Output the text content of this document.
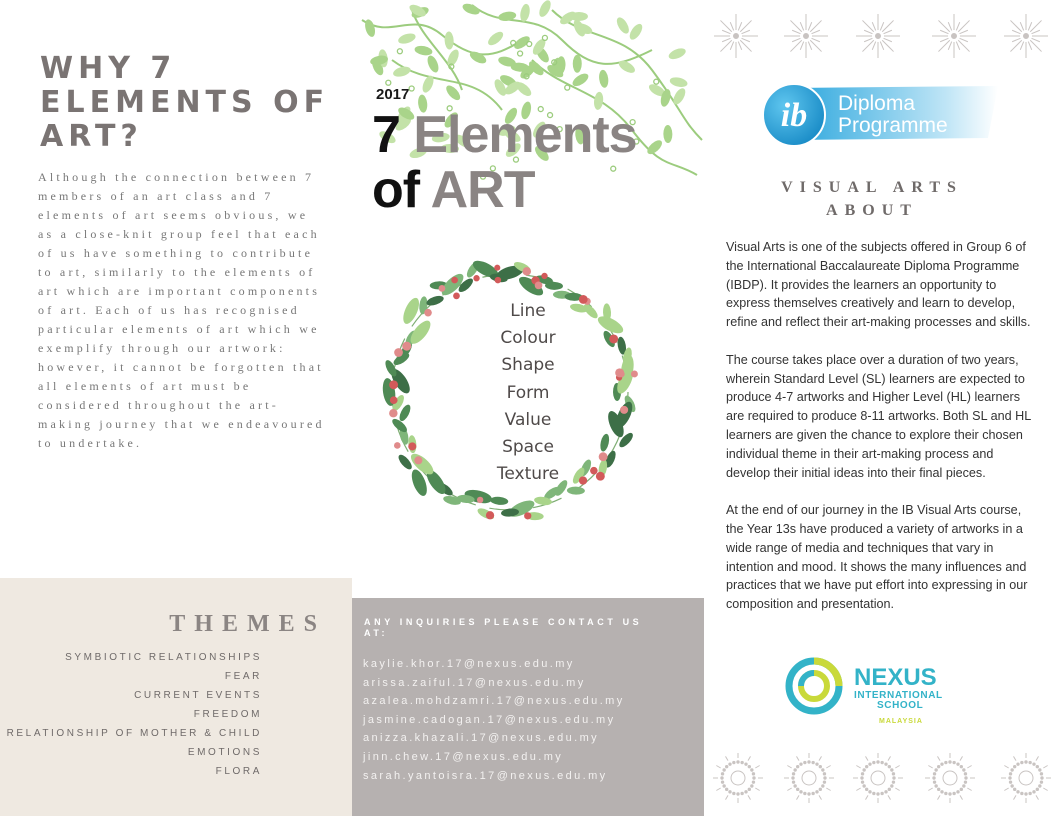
WHY 7 ELEMENTS OF ART?

Although the connection between 7 members of an art class and 7 elements of art seems obvious, we as a close-knit group feel that each of us have something to contribute to art, similarly to the elements of art which are important components of art. Each of us has recognised particular elements of art which we exemplify through our artwork: however, it cannot be forgotten that all elements of art must be considered throughout the art-making journey that we endeavoured to undertake.

THEMES
SYMBIOTIC RELATIONSHIPS
FEAR
CURRENT EVENTS
FREEDOM
RELATIONSHIP OF MOTHER & CHILD
EMOTIONS
FLORA
2017
7 Elements
of ART
Line
Colour
Shape
Form
Value
Space
Texture
ANY INQUIRIES PLEASE CONTACT US AT:
kaylie.khor.17@nexus.edu.my
arissa.zaiful.17@nexus.edu.my
azalea.mohdzamri.17@nexus.edu.my
jasmine.cadogan.17@nexus.edu.my
anizza.khazali.17@nexus.edu.my
jinn.chew.17@nexus.edu.my
sarah.yantoisra.17@nexus.edu.my
ib Diploma
Programme
VISUAL ARTS ABOUT

Visual Arts is one of the subjects offered in Group 6 of the International Baccalaureate Diploma Programme (IBDP). It provides the learners an opportunity to express themselves creatively and learn to develop, refine and reflect their art-making processes and skills.

The course takes place over a duration of two years, wherein Standard Level (SL) learners are expected to produce 4-7 artworks and Higher Level (HL) learners are required to produce 8-11 artworks. Both SL and HL learners are given the chance to explore their chosen individual theme in their art-making process and develop their initial ideas into their final pieces.

At the end of our journey in the IB Visual Arts course, the Year 13s have produced a variety of artworks in a wide range of media and techniques that vary in intention and mood. It shows the many influences and practices that we have put effort into expressing in our composition and presentation.

NEXUS
INTERNATIONAL
SCHOOL
MALAYSIA
